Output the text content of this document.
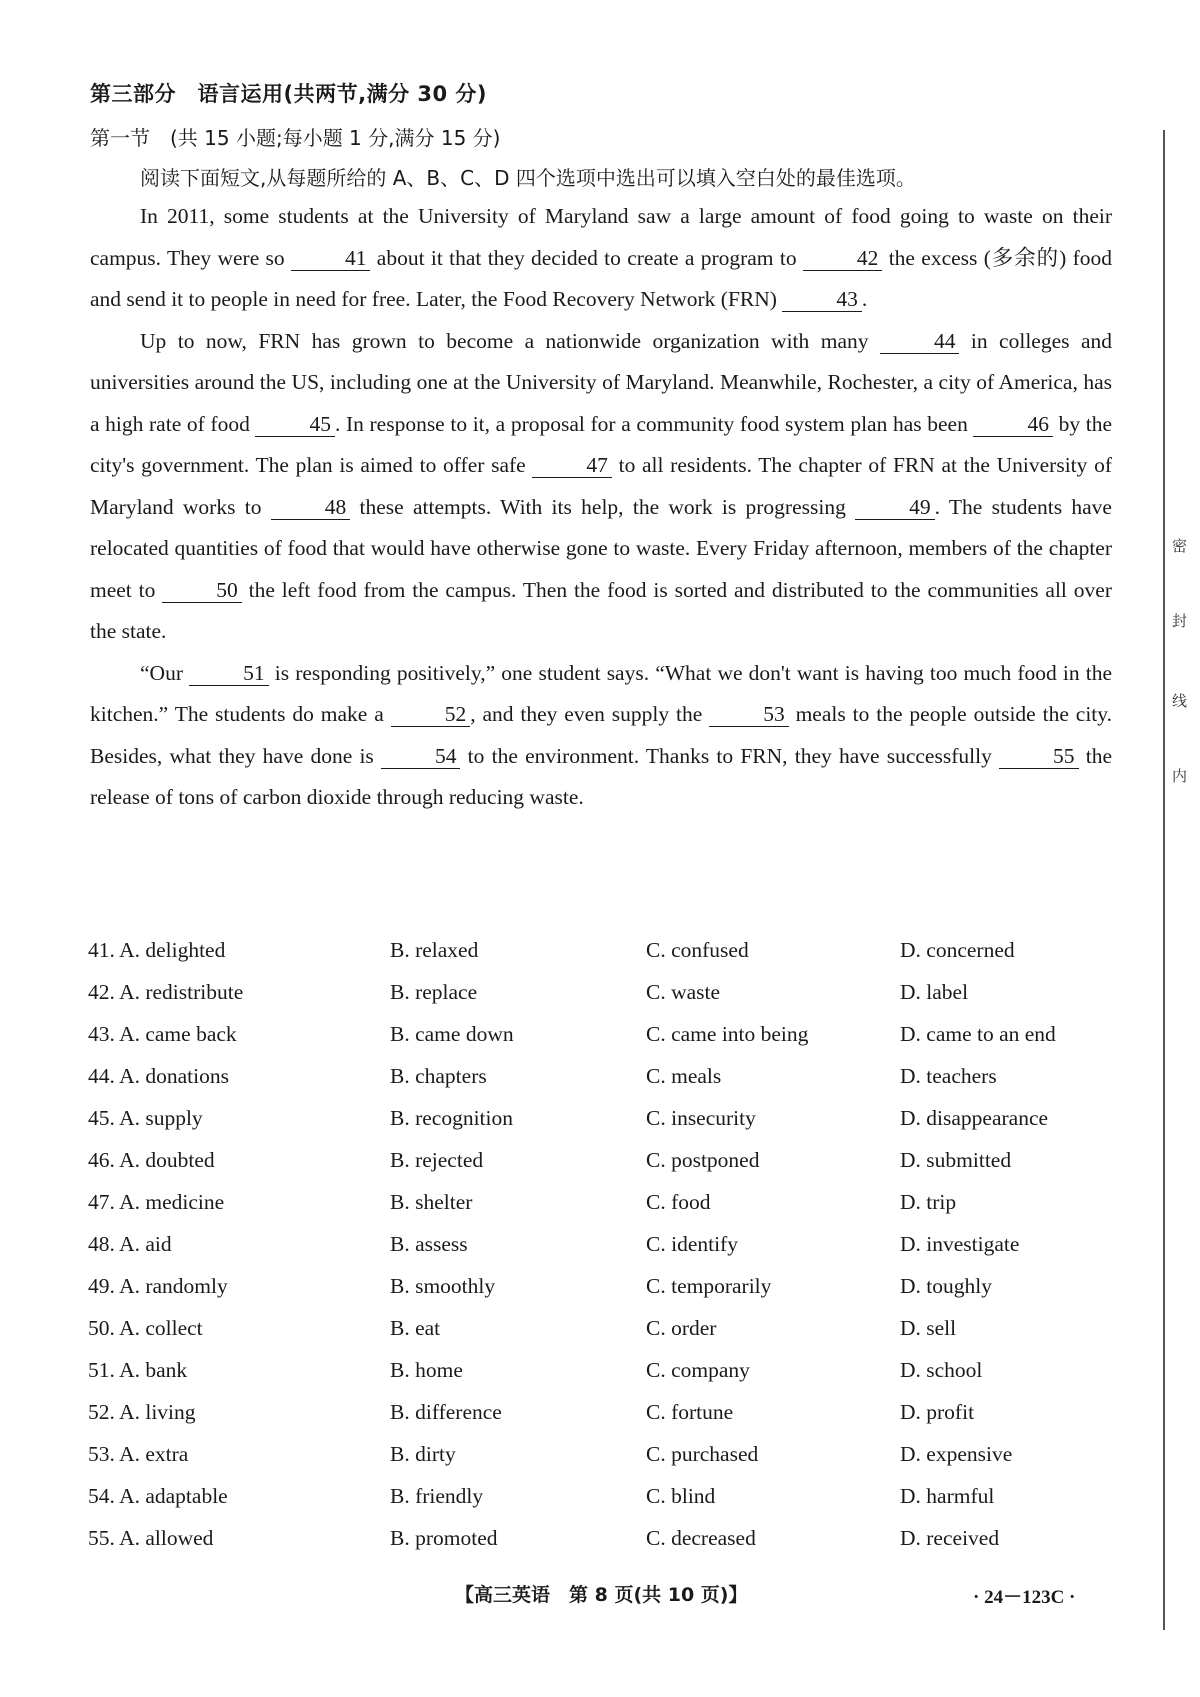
第三部分　语言运用(共两节,满分 30 分)
第一节　(共 15 小题;每小题 1 分,满分 15 分)
阅读下面短文,从每题所给的 A、B、C、D 四个选项中选出可以填入空白处的最佳选项。

In 2011, some students at the University of Maryland saw a large amount of food going to waste on their campus. They were so	41 about it that they decided to create a program to	42 the excess (多余的) food and send it to people in need for free. Later, the Food Recovery Network (FRN)	43 .

Up to now, FRN has grown to become a nationwide organization with many	44 in colleges and universities around the US, including one at the University of Maryland. Meanwhile, Rochester, a city of America, has a high rate of food	45 . In response to it, a proposal for a community food system plan has been	46 by the city's government. The plan is aimed to offer safe	47 to all residents. The chapter of FRN at the University of Maryland works to	48 these attempts. With its help, the work is progressing	49 . The students have relocated quantities of food that would have otherwise gone to waste. Every Friday afternoon, members of the chapter meet to	50 the left food from the campus. Then the food is sorted and distributed to the communities all over the state.

“Our	51 is responding positively,” one student says. “What we don't want is having too much food in the kitchen.” The students do make a	52 , and they even supply the	53 meals to the people outside the city. Besides, what they have done is	54 to the environment. Thanks to FRN, they have successfully	55 the release of tons of carbon dioxide through reducing waste.

41. A. delighted	B. relaxed	C. confused	D. concerned
42. A. redistribute	B. replace	C. waste	D. label
43. A. came back	B. came down	C. came into being	D. came to an end
44. A. donations	B. chapters	C. meals	D. teachers
45. A. supply	B. recognition	C. insecurity	D. disappearance
46. A. doubted	B. rejected	C. postponed	D. submitted
47. A. medicine	B. shelter	C. food	D. trip
48. A. aid	B. assess	C. identify	D. investigate
49. A. randomly	B. smoothly	C. temporarily	D. toughly
50. A. collect	B. eat	C. order	D. sell
51. A. bank	B. home	C. company	D. school
52. A. living	B. difference	C. fortune	D. profit
53. A. extra	B. dirty	C. purchased	D. expensive
54. A. adaptable	B. friendly	C. blind	D. harmful
55. A. allowed	B. promoted	C. decreased	D. received
【高三英语　第 8 页(共 10 页)】	· 24－123C ·
密
封
线
内
